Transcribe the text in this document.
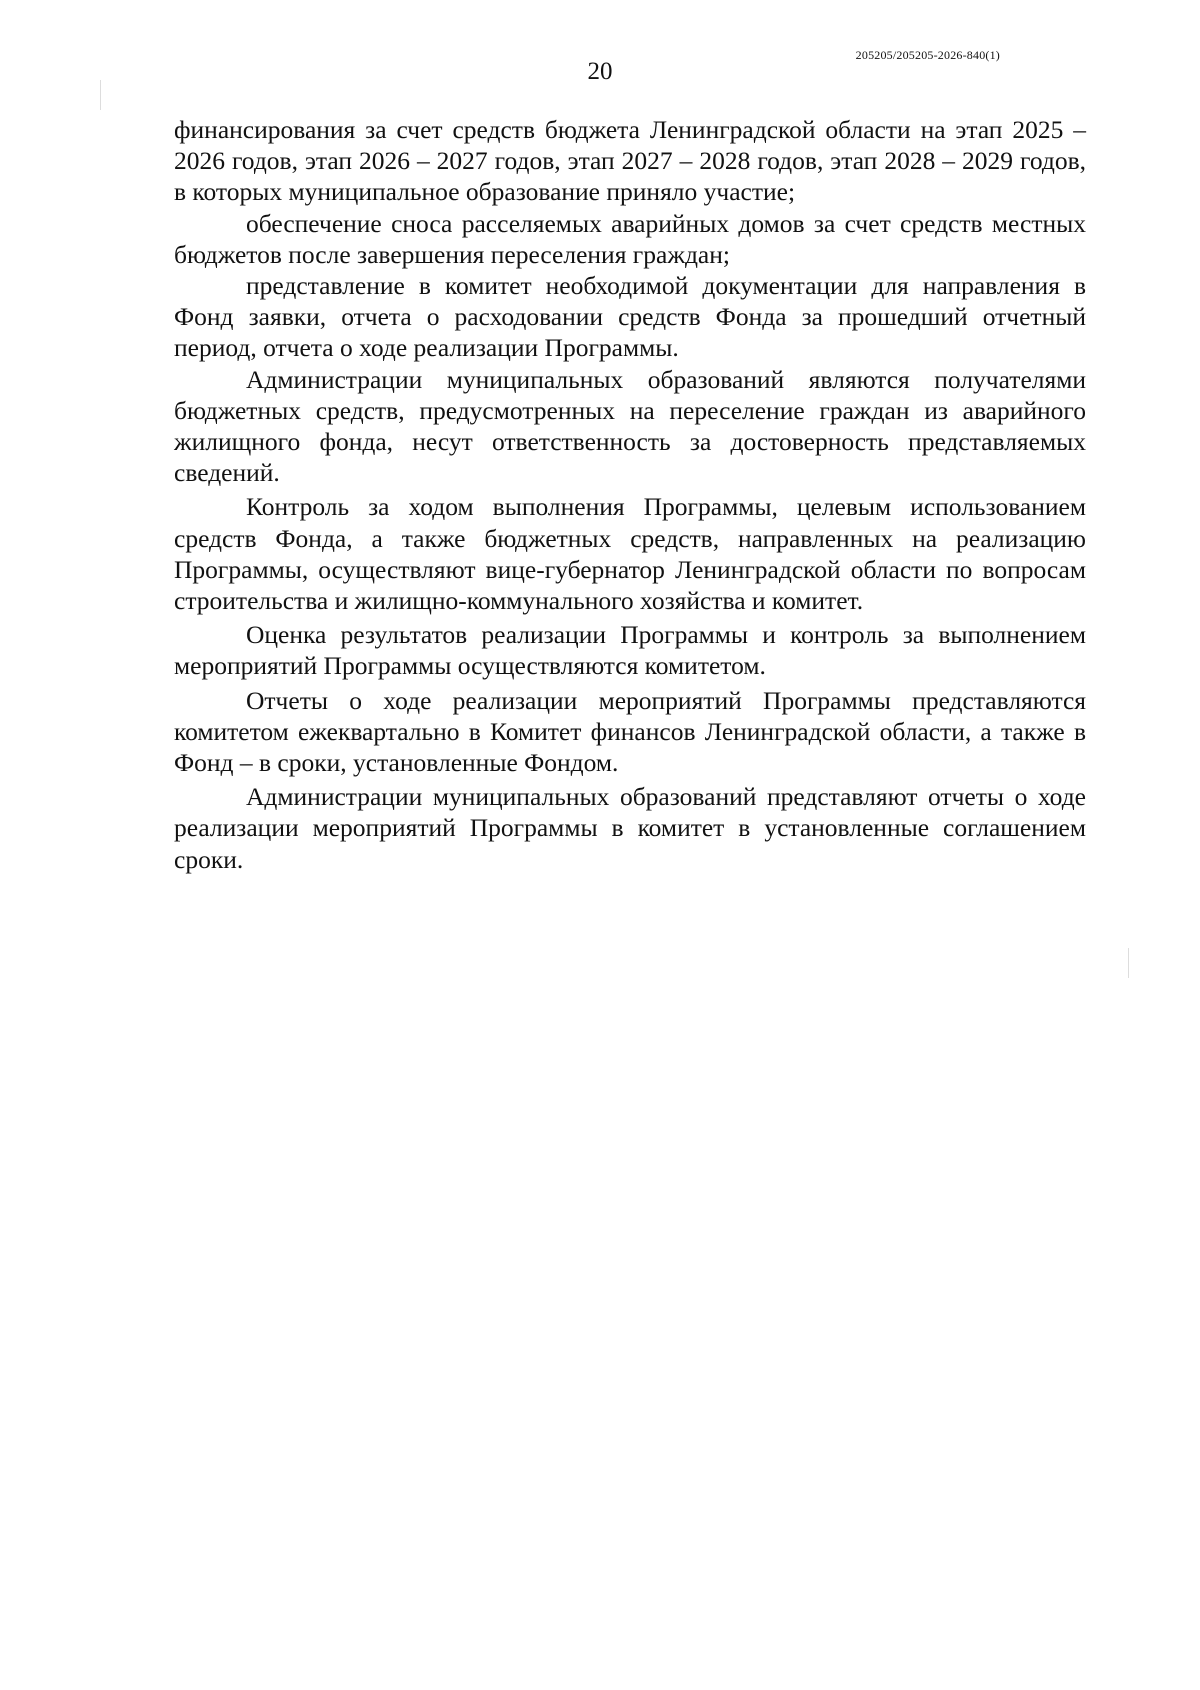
205205/205205-2026-840(1)
20

финансирования за счет средств бюджета Ленинградской области на этап 2025 – 2026 годов, этап 2026 – 2027 годов, этап 2027 – 2028 годов, этап 2028 – 2029 годов, в которых муниципальное образование приняло участие;

обеспечение сноса расселяемых аварийных домов за счет средств местных бюджетов после завершения переселения граждан;

представление в комитет необходимой документации для направления в Фонд заявки, отчета о расходовании средств Фонда за прошедший отчетный период, отчета о ходе реализации Программы.

Администрации муниципальных образований являются получателями бюджетных средств, предусмотренных на переселение граждан из аварийного жилищного фонда, несут ответственность за достоверность представляемых сведений.

Контроль за ходом выполнения Программы, целевым использованием средств Фонда, а также бюджетных средств, направленных на реализацию Программы, осуществляют вице-губернатор Ленинградской области по вопросам строительства и жилищно-коммунального хозяйства и комитет.

Оценка результатов реализации Программы и контроль за выполнением мероприятий Программы осуществляются комитетом.

Отчеты о ходе реализации мероприятий Программы представляются комитетом ежеквартально в Комитет финансов Ленинградской области, а также в Фонд – в сроки, установленные Фондом.

Администрации муниципальных образований представляют отчеты о ходе реализации мероприятий Программы в комитет в установленные соглашением сроки.
